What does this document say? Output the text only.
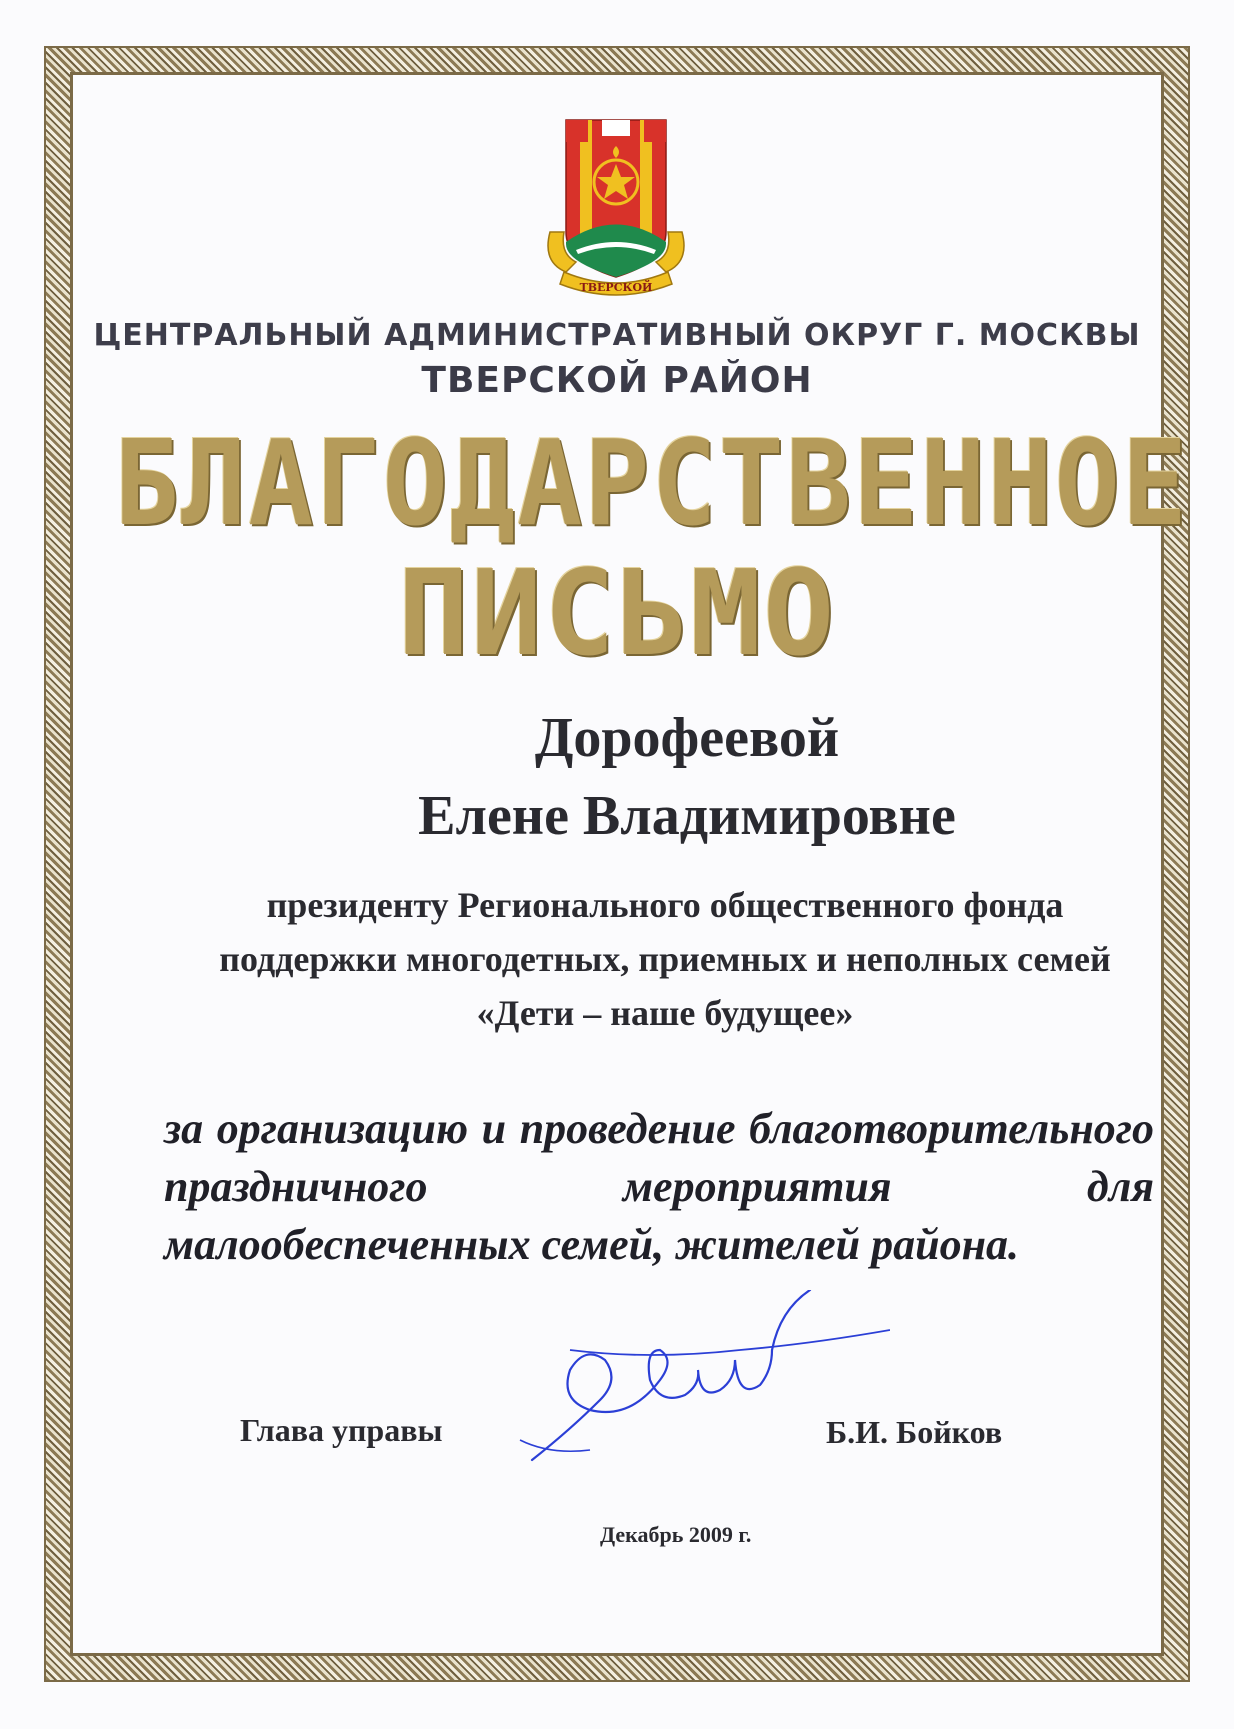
ТВЕРСКОЙ
ЦЕНТРАЛЬНЫЙ АДМИНИСТРАТИВНЫЙ ОКРУГ Г. МОСКВЫ
ТВЕРСКОЙ РАЙОН
БЛАГОДАРСТВЕННОЕ
ПИСЬМО
Дорофеевой
Елене Владимировне
президенту Регионального общественного фонда поддержки многодетных, приемных и неполных семей «Дети – наше будущее»
за организацию и проведение благотворительного праздничного мероприятия для малообеспеченных семей, жителей района.
Глава управы	Б.И. Бойков
Декабрь 2009 г.
